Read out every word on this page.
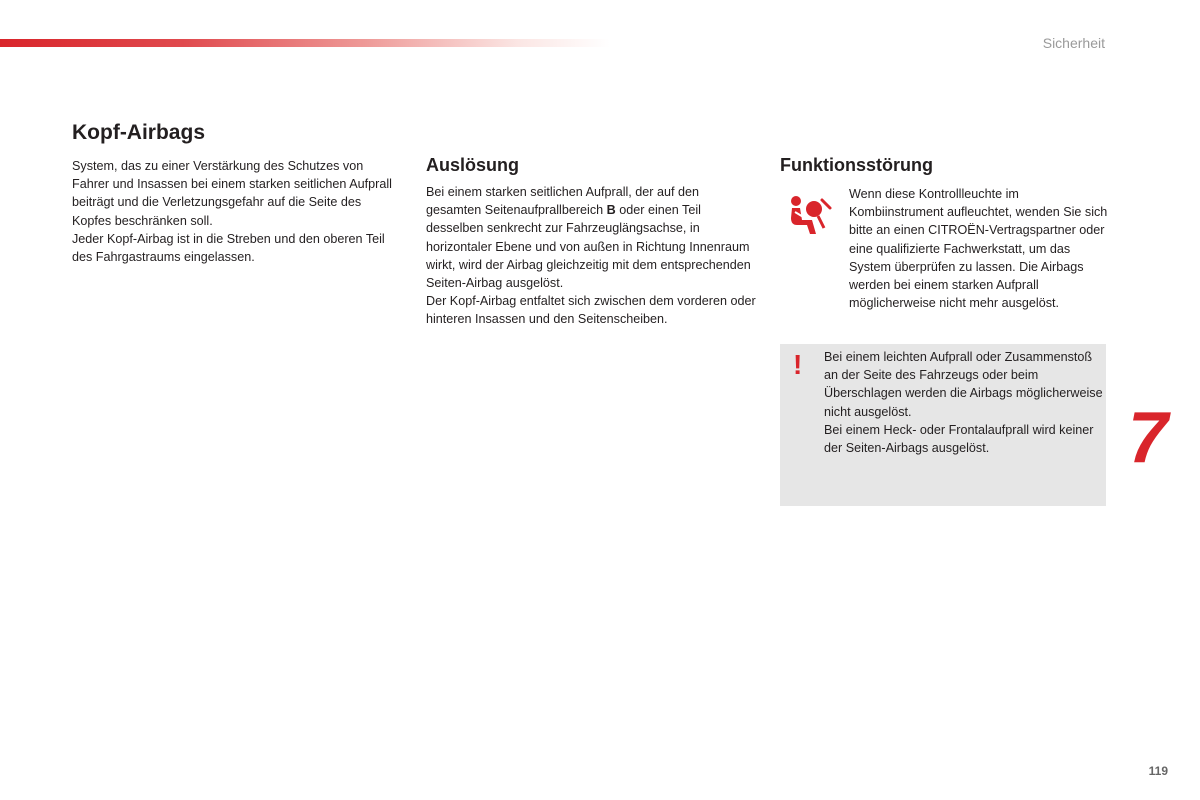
Sicherheit
Kopf-Airbags

System, das zu einer Verstärkung des Schutzes von Fahrer und Insassen bei einem starken seitlichen Aufprall beiträgt und die Verletzungsgefahr auf die Seite des Kopfes beschränken soll.

Jeder Kopf-Airbag ist in die Streben und den oberen Teil des Fahrgastraums eingelassen.

Auslösung

Bei einem starken seitlichen Aufprall, der auf den gesamten Seitenaufprallbereich B oder einen Teil desselben senkrecht zur Fahrzeuglängsachse, in horizontaler Ebene und von außen in Richtung Innenraum wirkt, wird der Airbag gleichzeitig mit dem entsprechenden Seiten-Airbag ausgelöst.

Der Kopf-Airbag entfaltet sich zwischen dem vorderen oder hinteren Insassen und den Seitenscheiben.

Funktionsstörung

Wenn diese Kontrollleuchte im Kombiinstrument aufleuchtet, wenden Sie sich bitte an einen CITROËN-Vertragspartner oder eine qualifizierte Fachwerkstatt, um das System überprüfen zu lassen. Die Airbags werden bei einem starken Aufprall möglicherweise nicht mehr ausgelöst.

! Bei einem leichten Aufprall oder Zusammenstoß an der Seite des Fahrzeugs oder beim Überschlagen werden die Airbags möglicherweise nicht ausgelöst.

Bei einem Heck- oder Frontalaufprall wird keiner der Seiten-Airbags ausgelöst.	7
119
